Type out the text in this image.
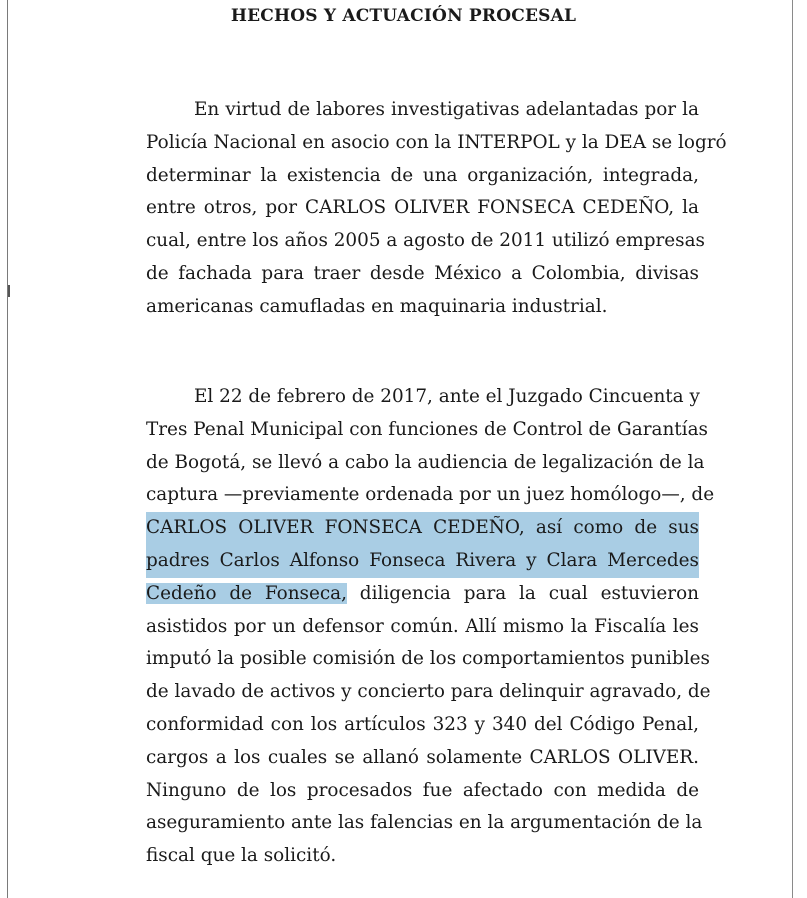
HECHOS Y ACTUACIÓN PROCESAL
En virtud de labores investigativas adelantadas por la
Policía Nacional en asocio con la INTERPOL y la DEA se logró
determinar la existencia de una organización, integrada,
entre otros, por CARLOS OLIVER FONSECA CEDEÑO, la
cual, entre los años 2005 a agosto de 2011 utilizó empresas
de fachada para traer desde México a Colombia, divisas
americanas camufladas en maquinaria industrial.
El 22 de febrero de 2017, ante el Juzgado Cincuenta y
Tres Penal Municipal con funciones de Control de Garantías
de Bogotá, se llevó a cabo la audiencia de legalización de la
captura —previamente ordenada por un juez homólogo—, de
CARLOS OLIVER FONSECA CEDEÑO, así como de sus
padres Carlos Alfonso Fonseca Rivera y Clara Mercedes
Cedeño de Fonseca, diligencia para la cual estuvieron
asistidos por un defensor común. Allí mismo la Fiscalía les
imputó la posible comisión de los comportamientos punibles
de lavado de activos y concierto para delinquir agravado, de
conformidad con los artículos 323 y 340 del Código Penal,
cargos a los cuales se allanó solamente CARLOS OLIVER.
Ninguno de los procesados fue afectado con medida de
aseguramiento ante las falencias en la argumentación de la
fiscal que la solicitó.
